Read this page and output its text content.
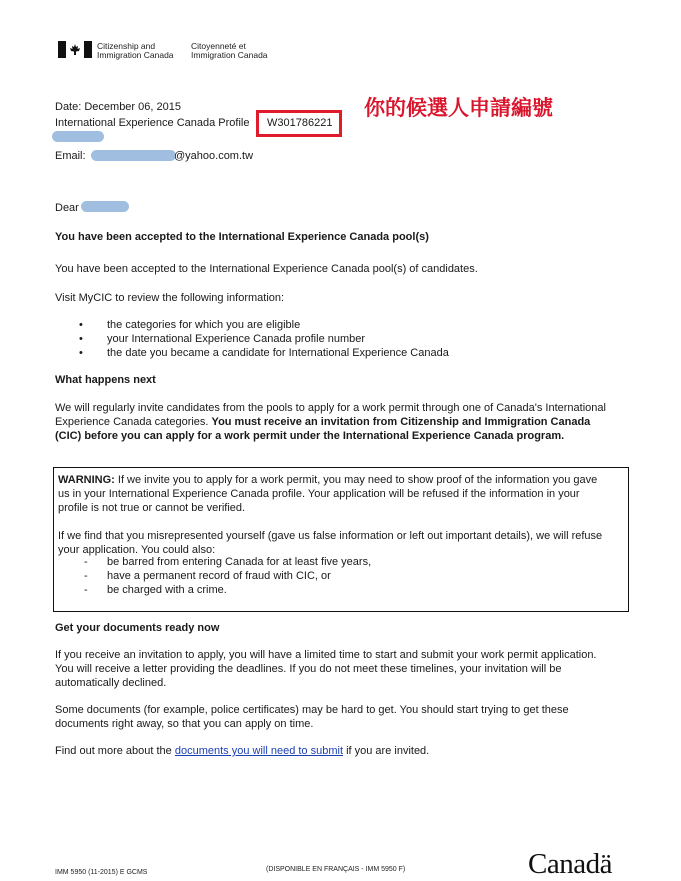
Citizenship and
Immigration Canada
Citoyenneté et
Immigration Canada
你的候選人申請編號
Date: December 06, 2015
International Experience Canada Profile	W301786221
Email:	@yahoo.com.tw
Dear
You have been accepted to the International Experience Canada pool(s)
You have been accepted to the International Experience Canada pool(s) of candidates.
Visit MyCIC to review the following information:
• the categories for which you are eligible
• your International Experience Canada profile number
• the date you became a candidate for International Experience Canada
What happens next
We will regularly invite candidates from the pools to apply for a work permit through one of Canada's International
Experience Canada categories. You must receive an invitation from Citizenship and Immigration Canada
(CIC) before you can apply for a work permit under the International Experience Canada program.
WARNING: If we invite you to apply for a work permit, you may need to show proof of the information you gave
us in your International Experience Canada profile. Your application will be refused if the information in your
profile is not true or cannot be verified.
If we find that you misrepresented yourself (gave us false information or left out important details), we will refuse
your application. You could also:
- be barred from entering Canada for at least five years,
- have a permanent record of fraud with CIC, or
- be charged with a crime.
Get your documents ready now
If you receive an invitation to apply, you will have a limited time to start and submit your work permit application.
You will receive a letter providing the deadlines. If you do not meet these timelines, your invitation will be
automatically declined.
Some documents (for example, police certificates) may be hard to get. You should start trying to get these
documents right away, so that you can apply on time.
Find out more about the documents you will need to submit if you are invited.
IMM 5950 (11-2015) E GCMS	(DISPONIBLE EN FRANÇAIS - IMM 5950 F)	Canadä
